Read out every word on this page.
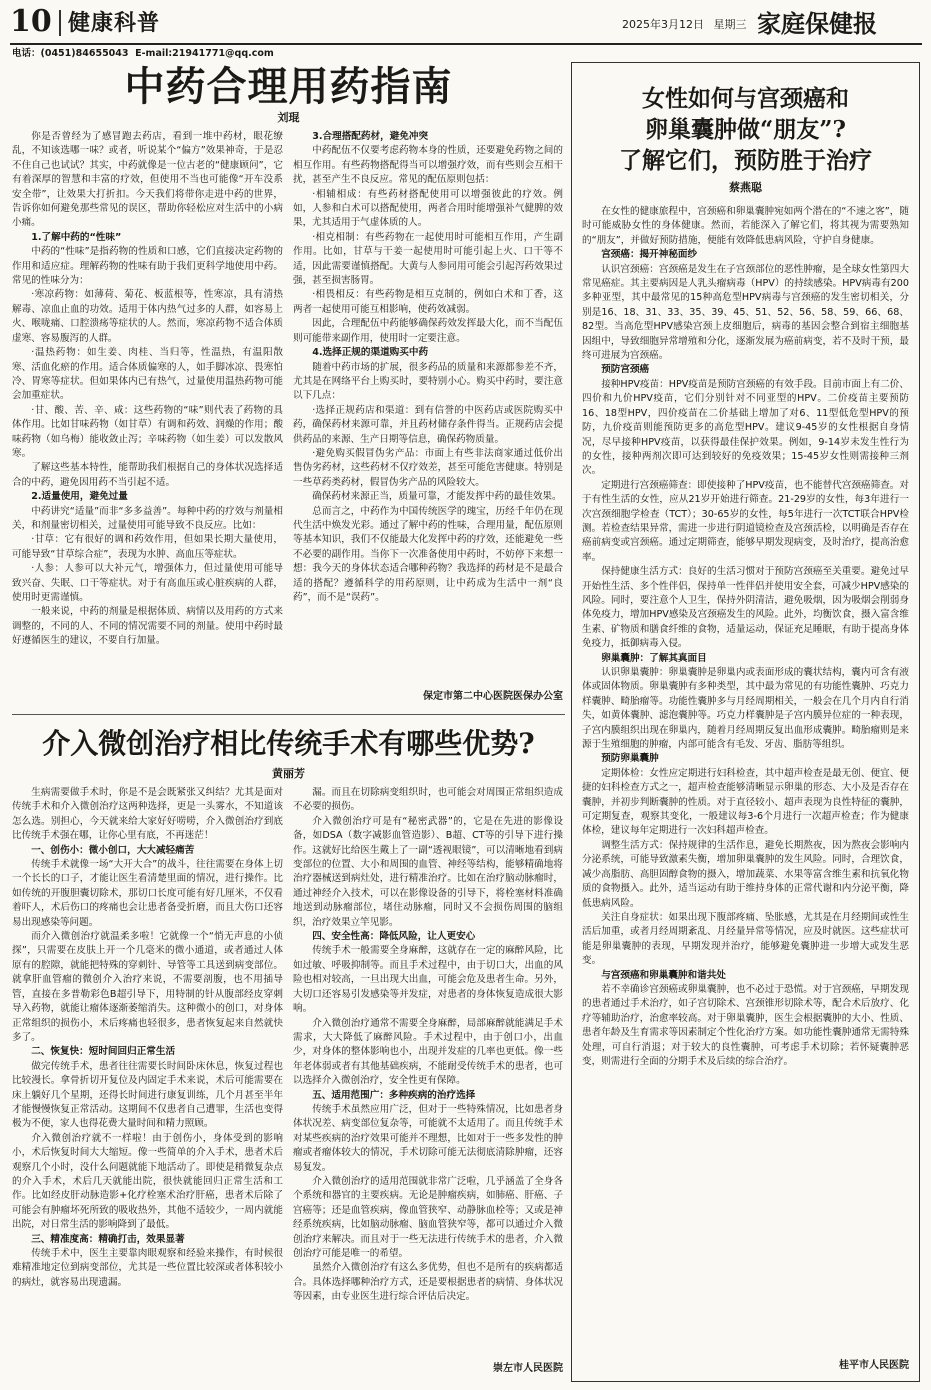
10 健康科普	2025年3月12日 星期三 家庭保健报
电话：(0451)84655043  E-mail:21941771@qq.com
中药合理用药指南
刘琨

你是否曾经为了感冒跑去药店，看到一堆中药材，眼花缭乱，不知该选哪一味？或者，听说某个“偏方”效果神奇，于是忍不住自己也试试？其实，中药就像是一位古老的“健康顾问”，它有着深厚的智慧和丰富的疗效，但使用不当也可能像“开车没系安全带”，让效果大打折扣。今天我们将带你走进中药的世界，告诉你如何避免那些常见的误区，帮助你轻松应对生活中的小病小痛。

1.了解中药的“性味”

中药的“性味”是指药物的性质和口感，它们直接决定药物的作用和适应症。理解药物的性味有助于我们更科学地使用中药。常见的性味分为：

·寒凉药物：如薄荷、菊花、板蓝根等，性寒凉，具有清热解毒、凉血止血的功效。适用于体内热气过多的人群，如容易上火、喉咙痛、口腔溃疡等症状的人。然而，寒凉药物不适合体质虚寒、容易腹泻的人群。

·温热药物：如生姜、肉桂、当归等，性温热，有温阳散寒、活血化瘀的作用。适合体质偏寒的人，如手脚冰凉、畏寒怕冷、胃寒等症状。但如果体内已有热气，过量使用温热药物可能会加重症状。

·甘、酸、苦、辛、咸：这些药物的“味”则代表了药物的具体作用。比如甘味药物（如甘草）有调和药效、润燥的作用；酸味药物（如乌梅）能收敛止泻；辛味药物（如生姜）可以发散风寒。

了解这些基本特性，能帮助我们根据自己的身体状况选择适合的中药，避免因用药不当引起不适。

2.适量使用，避免过量

中药讲究“适量”而非“多多益善”。每种中药的疗效与剂量相关，和剂量密切相关，过量使用可能导致不良反应。比如：

·甘草：它有很好的调和药效作用，但如果长期大量使用，可能导致“甘草综合症”，表现为水肿、高血压等症状。

·人参：人参可以大补元气，增强体力，但过量使用可能导致兴奋、失眠、口干等症状。对于有高血压或心脏疾病的人群，使用时更需谨慎。

一般来说，中药的剂量是根据体质、病情以及用药的方式来调整的，不同的人、不同的情况需要不同的剂量。使用中药时最好遵循医生的建议，不要自行加量。

3.合理搭配药材，避免冲突

中药配伍不仅要考虑药物本身的性质，还要避免药物之间的相互作用。有些药物搭配得当可以增强疗效，而有些则会互相干扰，甚至产生不良反应。常见的配伍原则包括：

·相辅相成：有些药材搭配使用可以增强彼此的疗效。例如，人参和白术可以搭配使用，两者合用时能增强补气健脾的效果，尤其适用于气虚体质的人。

·相克相制：有些药物在一起使用时可能相互作用，产生副作用。比如，甘草与干姜一起使用时可能引起上火、口干等不适，因此需要谨慎搭配。大黄与人参同用可能会引起泻药效果过强，甚至损害肠胃。

·相畏相反：有些药物是相互克制的，例如白术和丁香，这两者一起使用可能互相影响，使药效减弱。

因此，合理配伍中药能够确保药效发挥最大化，而不当配伍则可能带来副作用，使用时一定要注意。

4.选择正规的渠道购买中药

随着中药市场的扩展，很多药品的质量和来源都参差不齐，尤其是在网络平台上购买时，要特别小心。购买中药时，要注意以下几点：

·选择正规药店和渠道：到有信誉的中医药店或医院购买中药，确保药材来源可靠，并且药材储存条件得当。正规药店会提供药品的来源、生产日期等信息，确保药物质量。

·避免购买假冒伪劣产品：市面上有些非法商家通过低价出售伪劣药材，这些药材不仅疗效差，甚至可能危害健康。特别是一些草药类药材，假冒伪劣产品的风险较大。

确保药材来源正当，质量可靠，才能发挥中药的最佳效果。

总而言之，中药作为中国传统医学的瑰宝，历经千年仍在现代生活中焕发光彩。通过了解中药的性味，合理用量，配伍原则等基本知识，我们不仅能最大化发挥中药的疗效，还能避免一些不必要的副作用。当你下一次准备使用中药时，不妨停下来想一想：我今天的身体状态适合哪种药物？我选择的药材是不是最合适的搭配？遵循科学的用药原则，让中药成为生活中一剂“良药”，而不是“误药”。

保定市第二中心医院医保办公室
介入微创治疗相比传统手术有哪些优势?
黄丽芳

生病需要做手术时，你是不是会既紧张又纠结？尤其是面对传统手术和介入微创治疗这两种选择，更是一头雾水，不知道该怎么选。别担心，今天就来给大家好好唠唠，介入微创治疗到底比传统手术强在哪，让你心里有底，不再迷茫！

一、创伤小：微小创口，大大减轻痛苦

传统手术就像一场“大开大合”的战斗，往往需要在身体上切一个长长的口子，才能让医生看清楚里面的情况，进行操作。比如传统的开腹胆囊切除术，那切口长度可能有好几厘米，不仅看着吓人，术后伤口的疼痛也会让患者备受折磨，而且大伤口还容易出现感染等问题。

而介入微创治疗就温柔多啦！它就像一个“悄无声息的小侦探”，只需要在皮肤上开一个几毫米的微小通道，或者通过人体原有的腔隙，就能把特殊的穿刺针、导管等工具送到病变部位。就拿肝血管瘤的微创介入治疗来说，不需要剖腹，也不用插导管，直接在多普勒彩色B超引导下，用特制的针从腹部经皮穿刺导入药物，就能让瘤体逐渐萎缩消失。这种微小的创口，对身体正常组织的损伤小，术后疼痛也轻很多，患者恢复起来自然就快多了。

二、恢复快：短时间回归正常生活

做完传统手术，患者往往需要长时间卧床休息，恢复过程也比较漫长。拿骨折切开复位及内固定手术来说，术后可能需要在床上躺好几个星期，还得长时间进行康复训练，几个月甚至半年才能慢慢恢复正常活动。这期间不仅患者自己遭罪，生活也变得极为不便，家人也得花费大量时间和精力照顾。

介入微创治疗就不一样啦！由于创伤小，身体受到的影响小，术后恢复时间大大缩短。像一些简单的介入手术，患者术后观察几个小时，没什么问题就能下地活动了。即使是稍微复杂点的介入手术，术后几天就能出院，很快就能回归正常生活和工作。比如经皮肝动脉造影+化疗栓塞术治疗肝癌，患者术后除了可能会有肿瘤坏死所致的吸收热外，其他不适较少，一周内就能出院，对日常生活的影响降到了最低。

三、精准度高：精确打击，效果显著

传统手术中，医生主要靠肉眼观察和经验来操作，有时候很难精准地定位到病变部位，尤其是一些位置比较深或者体积较小的病灶，就容易出现遗漏。

漏。而且在切除病变组织时，也可能会对周围正常组织造成不必要的损伤。

介入微创治疗可是有“秘密武器”的，它是在先进的影像设备，如DSA（数字减影血管造影）、B超、CT等的引导下进行操作。这就好比给医生戴上了一副“透视眼镜”，可以清晰地看到病变部位的位置、大小和周围的血管、神经等结构，能够精确地将治疗器械送到病灶处，进行精准治疗。比如在治疗脑动脉瘤时，通过神经介入技术，可以在影像设备的引导下，将栓塞材料准确地送到动脉瘤部位，堵住动脉瘤，同时又不会损伤周围的脑组织，治疗效果立竿见影。

四、安全性高：降低风险，让人更安心

传统手术一般需要全身麻醉，这就存在一定的麻醉风险，比如过敏、呼吸抑制等。而且手术过程中，由于切口大，出血的风险也相对较高，一旦出现大出血，可能会危及患者生命。另外，大切口还容易引发感染等并发症，对患者的身体恢复造成很大影响。

介入微创治疗通常不需要全身麻醉，局部麻醉就能满足手术需求，大大降低了麻醉风险。手术过程中，由于创口小，出血少，对身体的整体影响也小，出现并发症的几率也更低。像一些年老体弱或者有其他基础疾病，不能耐受传统手术的患者，也可以选择介入微创治疗，安全性更有保障。

五、适用范围广：多种疾病的治疗选择

传统手术虽然应用广泛，但对于一些特殊情况，比如患者身体状况差、病变部位复杂等，可能就不太适用了。而且传统手术对某些疾病的治疗效果可能并不理想，比如对于一些多发性的肿瘤或者瘤体较大的情况，手术切除可能无法彻底清除肿瘤，还容易复发。

介入微创治疗的适用范围就非常广泛啦，几乎涵盖了全身各个系统和器官的主要疾病。无论是肿瘤疾病，如肺癌、肝癌、子宫癌等；还是血管疾病，像血管狭窄、动静脉血栓等；又或是神经系统疾病，比如脑动脉瘤、脑血管狭窄等，都可以通过介入微创治疗来解决。而且对于一些无法进行传统手术的患者，介入微创治疗可能是唯一的希望。

虽然介入微创治疗有这么多优势，但也不是所有的疾病都适合。具体选择哪种治疗方式，还是要根据患者的病情、身体状况等因素，由专业医生进行综合评估后决定。

崇左市人民医院
女性如何与宫颈癌和
卵巢囊肿做“朋友”?
了解它们，预防胜于治疗
蔡燕聪

在女性的健康旅程中，宫颈癌和卵巢囊肿宛如两个潜在的“不速之客”，随时可能威胁女性的身体健康。然而，若能深入了解它们，将其视为需要熟知的“朋友”，并做好预防措施，便能有效降低患病风险，守护自身健康。

宫颈癌：揭开神秘面纱

认识宫颈癌：宫颈癌是发生在子宫颈部位的恶性肿瘤，是全球女性第四大常见癌症。其主要病因是人乳头瘤病毒（HPV）的持续感染。HPV病毒有200多种亚型，其中最常见的15种高危型HPV病毒与宫颈癌的发生密切相关，分别是16、18、31、33、35、39、45、51、52、56、58、59、66、68、82型。当高危型HPV感染宫颈上皮细胞后，病毒的基因会整合到宿主细胞基因组中，导致细胞异常增殖和分化，逐渐发展为癌前病变，若不及时干预，最终可进展为宫颈癌。

预防宫颈癌

接种HPV疫苗：HPV疫苗是预防宫颈癌的有效手段。目前市面上有二价、四价和九价HPV疫苗，它们分别针对不同亚型的HPV。二价疫苗主要预防16、18型HPV，四价疫苗在二价基础上增加了对6、11型低危型HPV的预防，九价疫苗则能预防更多的高危型HPV。建议9-45岁的女性根据自身情况，尽早接种HPV疫苗，以获得最佳保护效果。例如，9-14岁未发生性行为的女性，接种两剂次即可达到较好的免疫效果；15-45岁女性则需接种三剂次。

定期进行宫颈癌筛查：即使接种了HPV疫苗，也不能替代宫颈癌筛查。对于有性生活的女性，应从21岁开始进行筛查。21-29岁的女性，每3年进行一次宫颈细胞学检查（TCT）；30-65岁的女性，每5年进行一次TCT联合HPV检测。若检查结果异常，需进一步进行阴道镜检查及宫颈活检，以明确是否存在癌前病变或宫颈癌。通过定期筛查，能够早期发现病变，及时治疗，提高治愈率。

保持健康生活方式：良好的生活习惯对于预防宫颈癌至关重要。避免过早开始性生活、多个性伴侣，保持单一性伴侣并使用安全套，可减少HPV感染的风险。同时，要注意个人卫生，保持外阴清洁，避免吸烟，因为吸烟会削弱身体免疫力，增加HPV感染及宫颈癌发生的风险。此外，均衡饮食，摄入富含维生素、矿物质和膳食纤维的食物，适量运动，保证充足睡眠，有助于提高身体免疫力，抵御病毒入侵。

卵巢囊肿：了解其真面目

认识卵巢囊肿：卵巢囊肿是卵巢内或表面形成的囊状结构，囊内可含有液体或固体物质。卵巢囊肿有多种类型，其中最为常见的有功能性囊肿、巧克力样囊肿、畸胎瘤等。功能性囊肿多与月经周期相关，一般会在几个月内自行消失，如黄体囊肿、滤泡囊肿等。巧克力样囊肿是子宫内膜异位症的一种表现，子宫内膜组织出现在卵巢内，随着月经周期反复出血形成囊肿。畸胎瘤则是来源于生殖细胞的肿瘤，内部可能含有毛发、牙齿、脂肪等组织。

预防卵巢囊肿

定期体检：女性应定期进行妇科检查，其中超声检查是最无创、便宜、便捷的妇科检查方式之一，超声检查能够清晰显示卵巢的形态、大小及是否存在囊肿，并初步判断囊肿的性质。对于直径较小、超声表现为良性特征的囊肿，可定期复查，观察其变化，一般建议每3-6个月进行一次超声检查；作为健康体检，建议每年定期进行一次妇科超声检查。

调整生活方式：保持规律的生活作息，避免长期熬夜，因为熬夜会影响内分泌系统，可能导致激素失衡，增加卵巢囊肿的发生风险。同时，合理饮食，减少高脂肪、高胆固醇食物的摄入，增加蔬菜、水果等富含维生素和抗氧化物质的食物摄入。此外，适当运动有助于维持身体的正常代谢和内分泌平衡，降低患病风险。

关注自身症状：如果出现下腹部疼痛、坠胀感，尤其是在月经期间或性生活后加重，或者月经周期紊乱、月经量异常等情况，应及时就医。这些症状可能是卵巢囊肿的表现，早期发现并治疗，能够避免囊肿进一步增大或发生恶变。

与宫颈癌和卵巢囊肿和谐共处

若不幸确诊宫颈癌或卵巢囊肿，也不必过于恐慌。对于宫颈癌，早期发现的患者通过手术治疗，如子宫切除术、宫颈锥形切除术等，配合术后放疗、化疗等辅助治疗，治愈率较高。对于卵巢囊肿，医生会根据囊肿的大小、性质、患者年龄及生育需求等因素制定个性化治疗方案。如功能性囊肿通常无需特殊处理，可自行消退；对于较大的良性囊肿，可考虑手术切除；若怀疑囊肿恶变，则需进行全面的分期手术及后续的综合治疗。

桂平市人民医院
